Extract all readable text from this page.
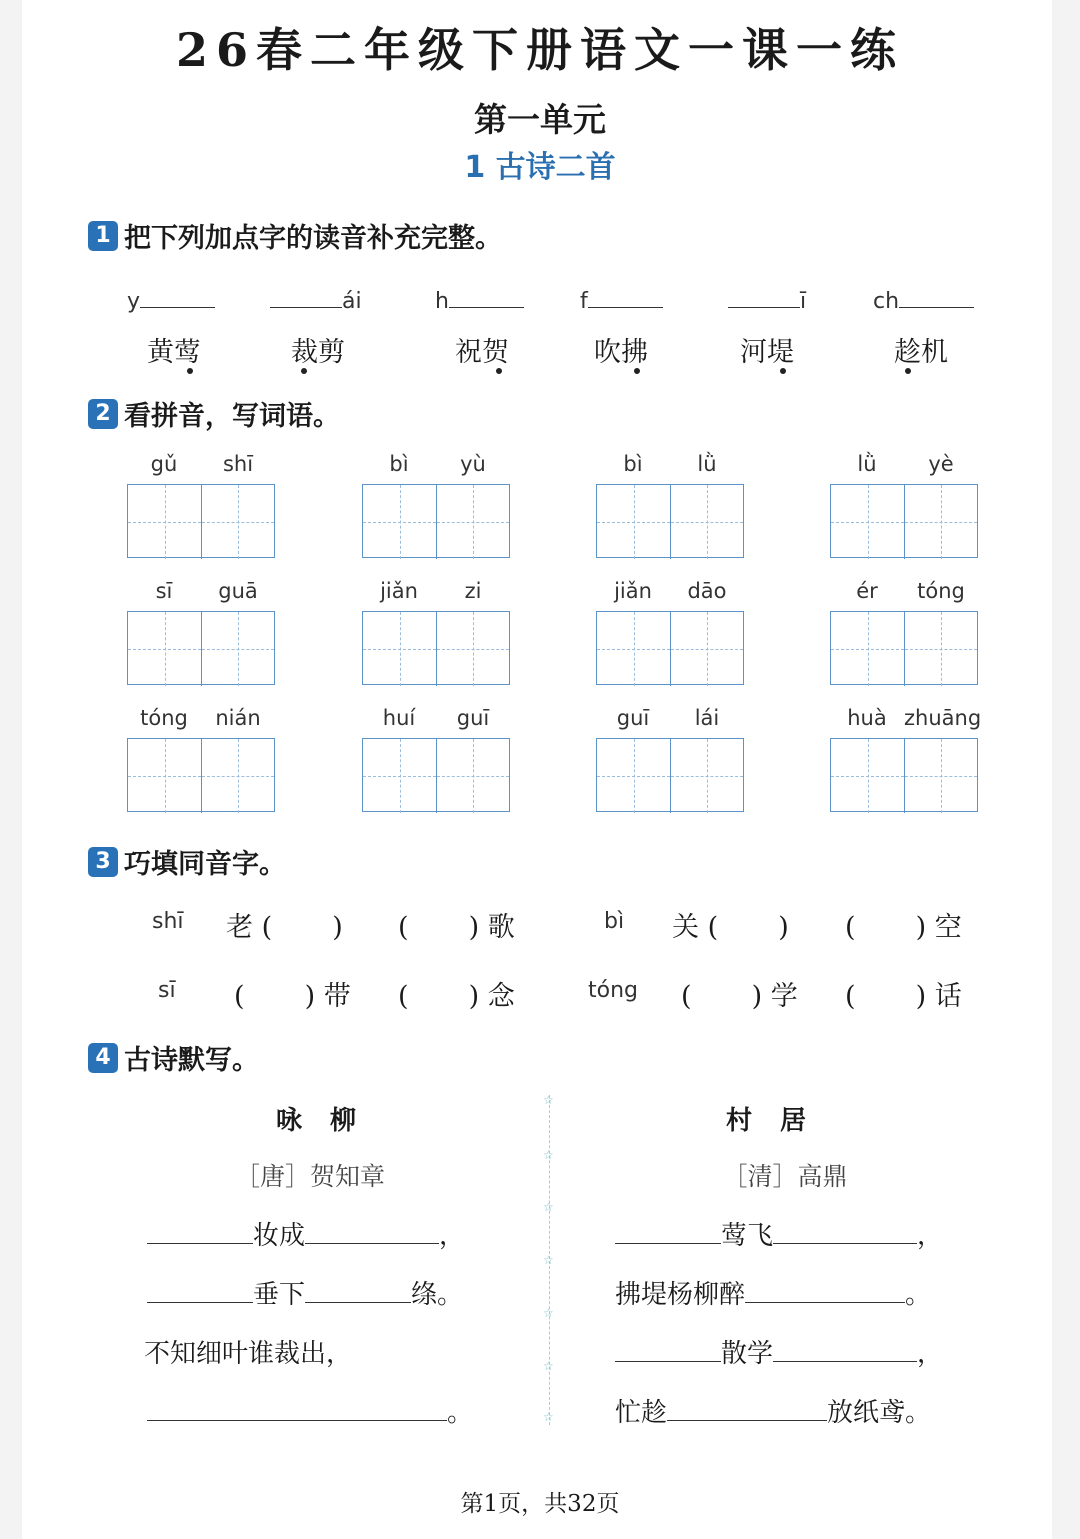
26春二年级下册语文一课一练
第一单元
1 古诗二首
1 把下列加点字的读音补充完整。
y	ái	h	f	ī	ch
黄莺	裁剪	祝贺	吹拂	河堤	趁机
2 看拼音，写词语。
gǔ	shī	bì	yù	bì	lǜ	lǜ	yè
sī	guā	jiǎn	zi	jiǎn	dāo	ér	tóng
tóng	nián	huí	guī	guī	lái	huà zhuāng
3 巧填同音字。
shī 老 (       ) (       ) 歌	bì 关 (       ) (       ) 空
sī (       ) 带 (       ) 念	tóng (       ) 学 (       ) 话
4 古诗默写。
咏柳
［唐］贺知章
妆成	，
垂下	绦。
不知细叶谁裁出，
。
☆
☆
☆
☆
☆
☆
☆
村居
［清］高鼎
莺飞	，
拂堤杨柳醉	。
散学	，
忙趁	放纸鸢。
第1页，共32页
